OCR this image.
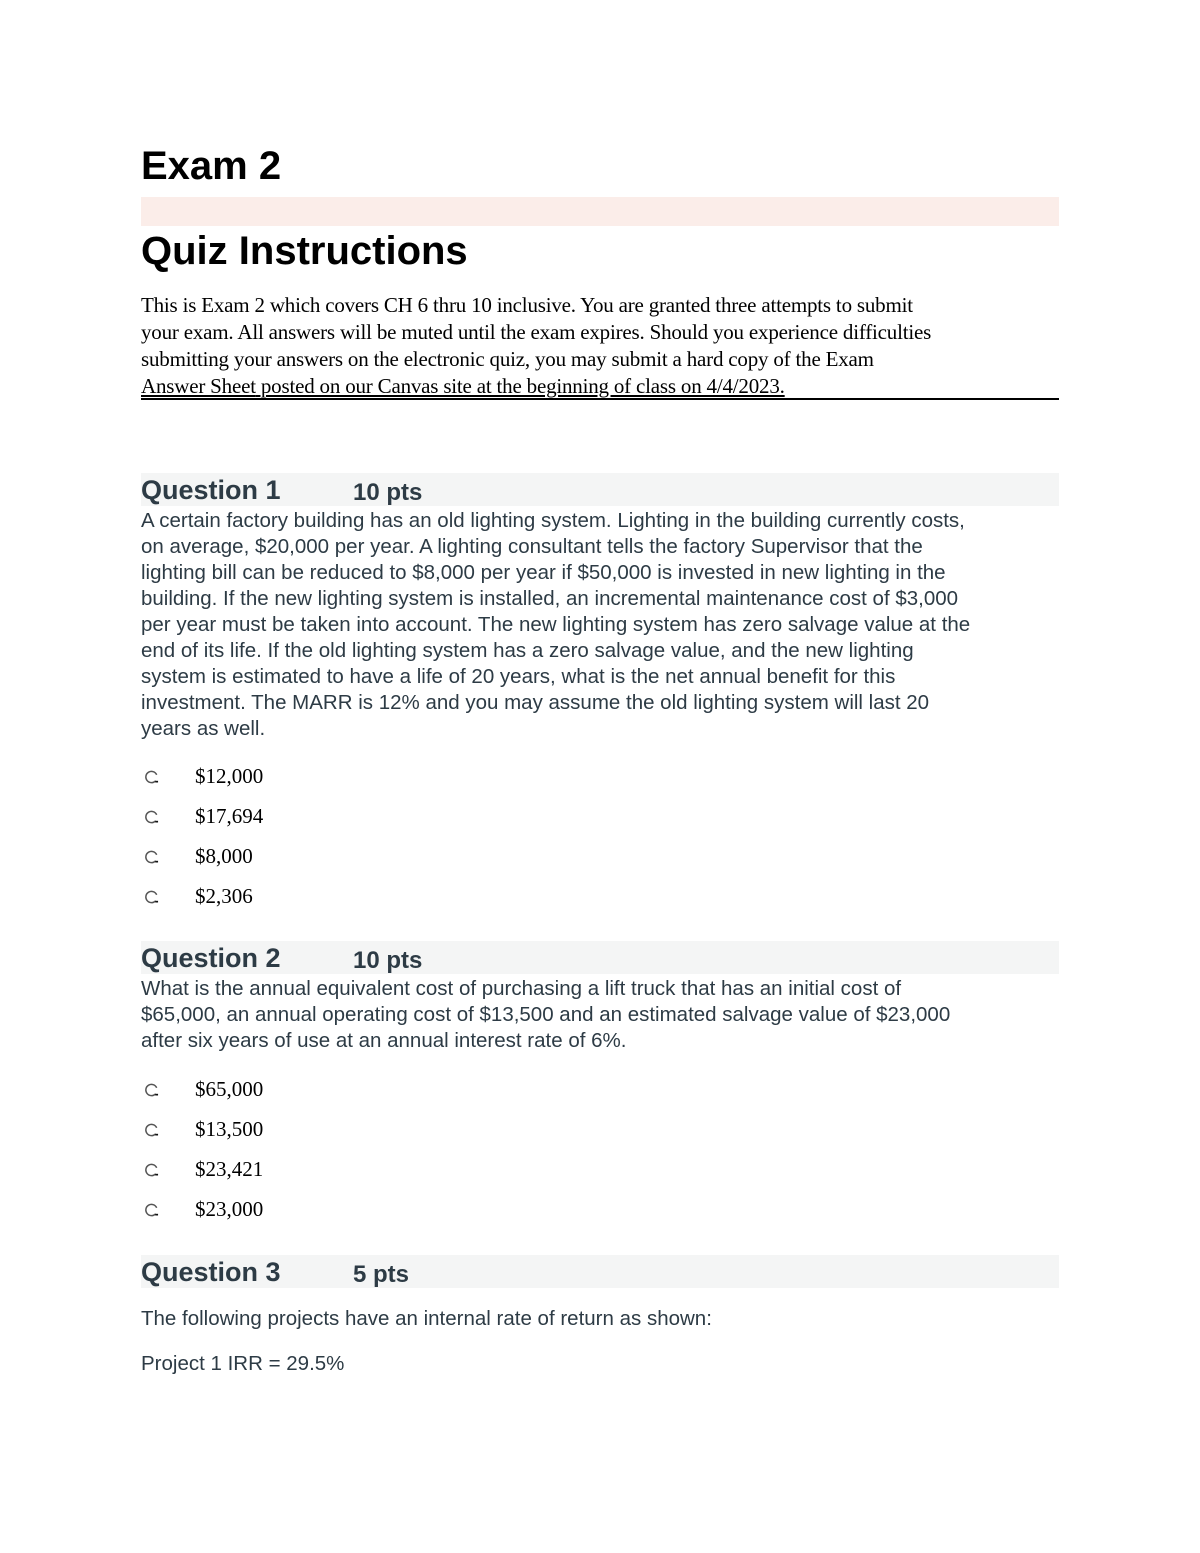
Exam 2
Quiz Instructions
This is Exam 2 which covers CH 6 thru 10 inclusive. You are granted three attempts to submit
your exam. All answers will be muted until the exam expires. Should you experience difficulties
submitting your answers on the electronic quiz, you may submit a hard copy of the Exam
Answer Sheet posted on our Canvas site at the beginning of class on 4/4/2023.
Question 1	10 pts
A certain factory building has an old lighting system. Lighting in the building currently costs,
on average, $20,000 per year. A lighting consultant tells the factory Supervisor that the
lighting bill can be reduced to $8,000 per year if $50,000 is invested in new lighting in the
building. If the new lighting system is installed, an incremental maintenance cost of $3,000
per year must be taken into account. The new lighting system has zero salvage value at the
end of its life. If the old lighting system has a zero salvage value, and the new lighting
system is estimated to have a life of 20 years, what is the net annual benefit for this
investment. The MARR is 12% and you may assume the old lighting system will last 20
years as well.
$12,000
$17,694
$8,000
$2,306
Question 2	10 pts
What is the annual equivalent cost of purchasing a lift truck that has an initial cost of
$65,000, an annual operating cost of $13,500 and an estimated salvage value of $23,000
after six years of use at an annual interest rate of 6%.
$65,000
$13,500
$23,421
$23,000
Question 3	5 pts
The following projects have an internal rate of return as shown:
Project 1 IRR = 29.5%
